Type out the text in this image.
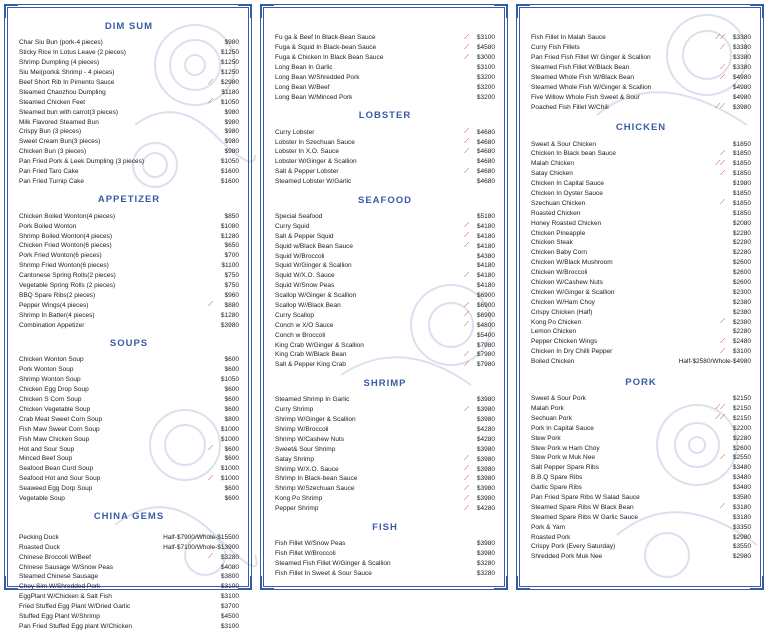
DIM SUM
Char Siu Bun (pork-4 pieces)	$980
Sticky Rice In Lotus Leave (2 pieces)	$1250
Shrimp Dumpling (4 pieces)	$1250
Siu Mei(pork& Shrimp - 4 pieces)	$1250
Beef Short Rib In Pimento Sauce	⟋	$2980
Steamed Chaozhou Dumpling	$1180
Steamed Chicken Feet	⟋	$1050
Steamed bun with carrot(3 pieces)	$980
Milk Flavored Steamed Bun	$980
Crispy Bun (3 pieces)	$980
Sweet Cream Bun(3 pieces)	$980
Chicken Bun (3 pieces)	$980
Pan Fried Pork & Leek Dumpling (3 pieces)	$1050
Pan Fried Taro Cake	$1600
Pan Fried Turnip Cake	$1600
APPETIZER
Chicken Boiled Wonton(4 pieces)	$850
Pork Boiled Wonton	$1080
Shrimp Boiled Wonton(4 pieces)	$1280
Chicken Fried Wonton(6 pieces)	$650
Pork Fried Wonton(6 pieces)	$700
Shrimp Fried Wonton(6 pieces)	$1100
Cantonese Spring Rolls(2 pieces)	$750
Vegetable Spring Rolls (2 pieces)	$750
BBQ Spare Ribs(2 pieces)	$960
Pepper Wings(4 pieces)	⟋	$880
Shrimp In Batter(4 pieces)	$1280
Combination Appetizer	$3980
SOUPS
Chicken Wonton Soup	$600
Pork Wonton Soup	$600
Shrimp Wonton Soup	$1050
Chicken Egg Drop Soup	$600
Chicken S Corn Soup	$600
Chicken Vegetable Soup	$600
Crab Meat Sweet Corn Soup	$800
Fish Maw Sweet Corn Soup	$1000
Fish Maw Chicken Soup	$1000
Hot and Sour Soup	⟋	$600
Minced Beef Soup	$600
Seafood Bean Curd Soup	$1000
Seafood Hot and Sour Soup	⟋	$1000
Seaweed Egg Dorp Soup	$600
Vegetable Soup	$600
CHINA GEMS
Pecking Duck	Half-$7900/Whole-$15500
Roasted Duck	Half-$7100/Whole-$13900
Chinese Broccoli W/Beef	⟋	$3280
Chinese Sausage W/Snow Peas	$4080
Steamed Chinese Sausage	$3800
Choy Sim W/Shredded Pork	$3100
EggPlant W/Chicken & Salt Fish	$3100
Fried Stuffed Egg Plant W/Dried Garlic	$3700
Stuffed Egg Plant W/Shrimp	$4500
Pan Fried Stuffed Egg plant W/Chicken	$3100
Fu ga & Beef In Black-Bean Sauce	⟋	$3100
Fuga & Squid In Black-bean Sauce	⟋	$4580
Fuga & Chicken In Black Bean Sauce	⟋	$3000
Long Bean In Garlic	$3100
Long Bean W/Shredded Pork	$3200
Long Bean W/Beef	$3200
Long Bean W/Minced Pork	$3200
LOBSTER
Curry Lobster	⟋	$4680
Lobster In Szechuan Sauce	⟋	$4680
Lobster In X.O. Sauce	⟋	$4680
Lobster W/Ginger & Scallion	$4680
Salt & Pepper Lobster	⟋	$4680
Steamed Lobster W/Garlic	$4680
SEAFOOD
Special Seafood	$5180
Curry Squid	⟋	$4180
Salt & Pepper Squid	⟋	$4180
Squid w/Black Bean Sauce	⟋	$4180
Squid W/Broccoli	$4380
Squid W/Ginger & Scallion	$4180
Squid W/X.O. Sauce	⟋	$4180
Squid W/Snow Peas	$4180
Scallop W/Ginger & Scallion	$6900
Scallop W//Black Bean	⟋	$6900
Curry Scallop	⟋	$6900
Conch w X/O Sauce	⟋	$4800
Conch w Broccoli	$5400
King Crab W/Ginger & Scallion	$7980
King Crab W/Black Bean	⟋	$7980
Salt & Pepper King Crab	⟋	$7980
SHRIMP
Steamed Shrimp In Garlic	$3980
Curry Shrimp	⟋	$3980
Shrimp W/Ginger & Scallion	$3980
Shrimp W/Broccoli	$4280
Shrimp W/Cashew Nuts	$4280
Sweet& Sour Shrimp	$3980
Satay Shrimp	⟋	$3980
Shrimp W/X.O. Sauce	⟋	$3980
Shrimp In Black-bean Sauce	⟋	$3980
Shrimp W/Szechuan Sauce	⟋	$3980
Kong Po Shrimp	⟋	$3980
Pepper Shrimp	⟋	$4280
FISH
Fish Fillet W/Snow Peas	$3980
Fish Fillet W/Broccoli	$3980
Steamed Fish Fillet W/Ginger & Scallion	$3280
Fish Fillet In Sweet & Sour Sauce	$3280
Fish Fillet In Malah Sauce	⟋⟋	$3380
Curry Fish Fillets	⟋	$3380
Pan Fried Fish Fillet W/ Ginger & Scallion	$3380
Steamed Fish Fillet W/Black Bean	⟋	$3380
Steamed Whole Fish W/Black Bean	⟋	$4980
Steamed Whole Fish W/Ginger & Scallion	$4980
Five Willow Whole Fish Sweet & Sour	$4980
Poached Fish Fillet W/Chili	⟋⟋	$3980
CHICKEN
Sweet & Sour Chicken	$1850
Chicken In Black bean Sauce	⟋	$1850
Malah Chicken	⟋⟋	$1850
Satay Chicken	⟋	$1850
Chicken In Capital Sauce	$1980
Chicken In Oyster Sauce	$1850
Szechuan Chicken	⟋	$1850
Roasted Chicken	$1850
Honey Roasted Chicken	$2080
Chicken Pineapple	$2280
Chicken Steak	$2280
Chicken Baby Corn	$2280
Chicken W/Black Mushroom	$2600
Chicken W/Broccoli	$2600
Chicken W/Cashew Nuts	$2600
Chicken W/Ginger & Scallion	$2300
Chicken W/Ham Choy	$2380
Crispy Chicken (Half)	$2380
Kong Po Chicken	⟋	$2380
Lemon Chicken	$2280
Pepper Chicken Wings	⟋	$2480
Chicken In Dry Chilli Pepper	⟋	$3100
Boiled Chicken	Half-$2580/Whole-$4980
PORK
Sweet & Sour Pork	$2150
Malah Pork	⟋⟋	$2150
Sechuan Pork	⟋⟋	$2150
Pork In Capital Sauce	$2200
Stew Pork	$2280
Stew Pork w Ham Choy	$2600
Stew Pork w Muk Nee	⟋	$2550
Salt Pepper Spare Ribs	$3480
B.B.Q Spare Ribs	$3480
Garlic Spare Ribs	$3480
Pan Fried Spare Ribs W Salad Sauce	$3580
Steamed Spare Ribs W Black Bean	⟋	$3180
Steamed Spare Ribs W Garlic Sauce	$3180
Pork & Yam	$3350
Roasted Pork	$2980
Crispy Pork (Every Saturday)	$3550
Shredded Pork Muk Nee	$2980
